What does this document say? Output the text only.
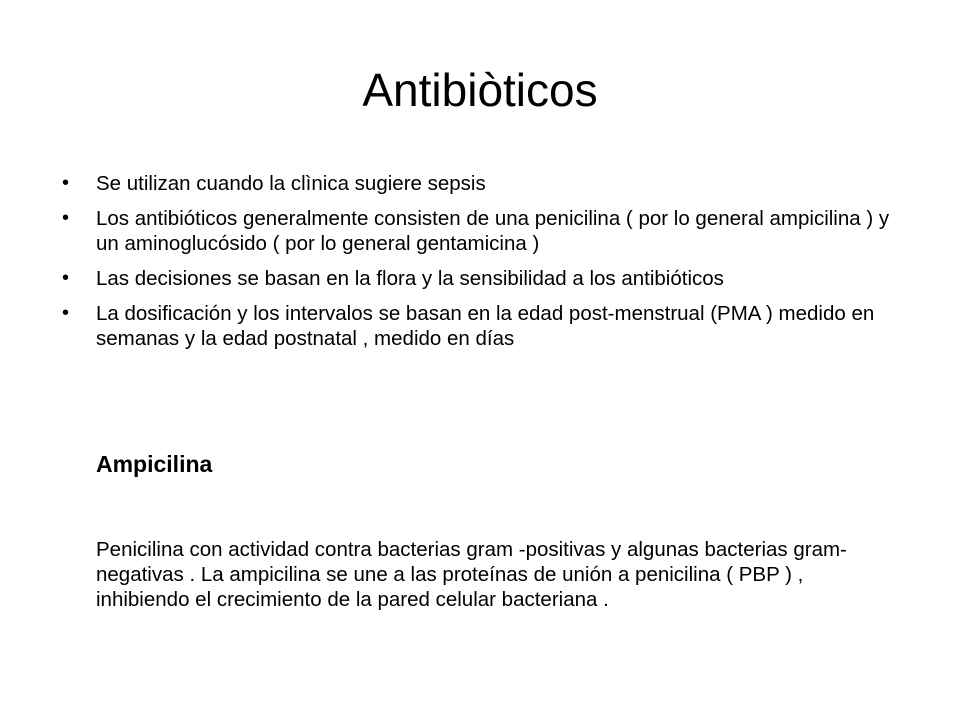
Antibiòticos
• Se utilizan cuando la clìnica sugiere sepsis
• Los antibióticos generalmente consisten de una penicilina ( por lo general ampicilina ) y un aminoglucósido ( por lo general gentamicina )
• Las decisiones se basan en la flora y la sensibilidad a los antibióticos
• La dosificación y los intervalos se basan en la edad post-menstrual (PMA ) medido en semanas y la edad postnatal , medido en días
Ampicilina

Penicilina con actividad contra bacterias gram -positivas y algunas bacterias gram-negativas . La ampicilina se une a las proteínas de unión a penicilina ( PBP ) , inhibiendo el crecimiento de la pared celular bacteriana .
